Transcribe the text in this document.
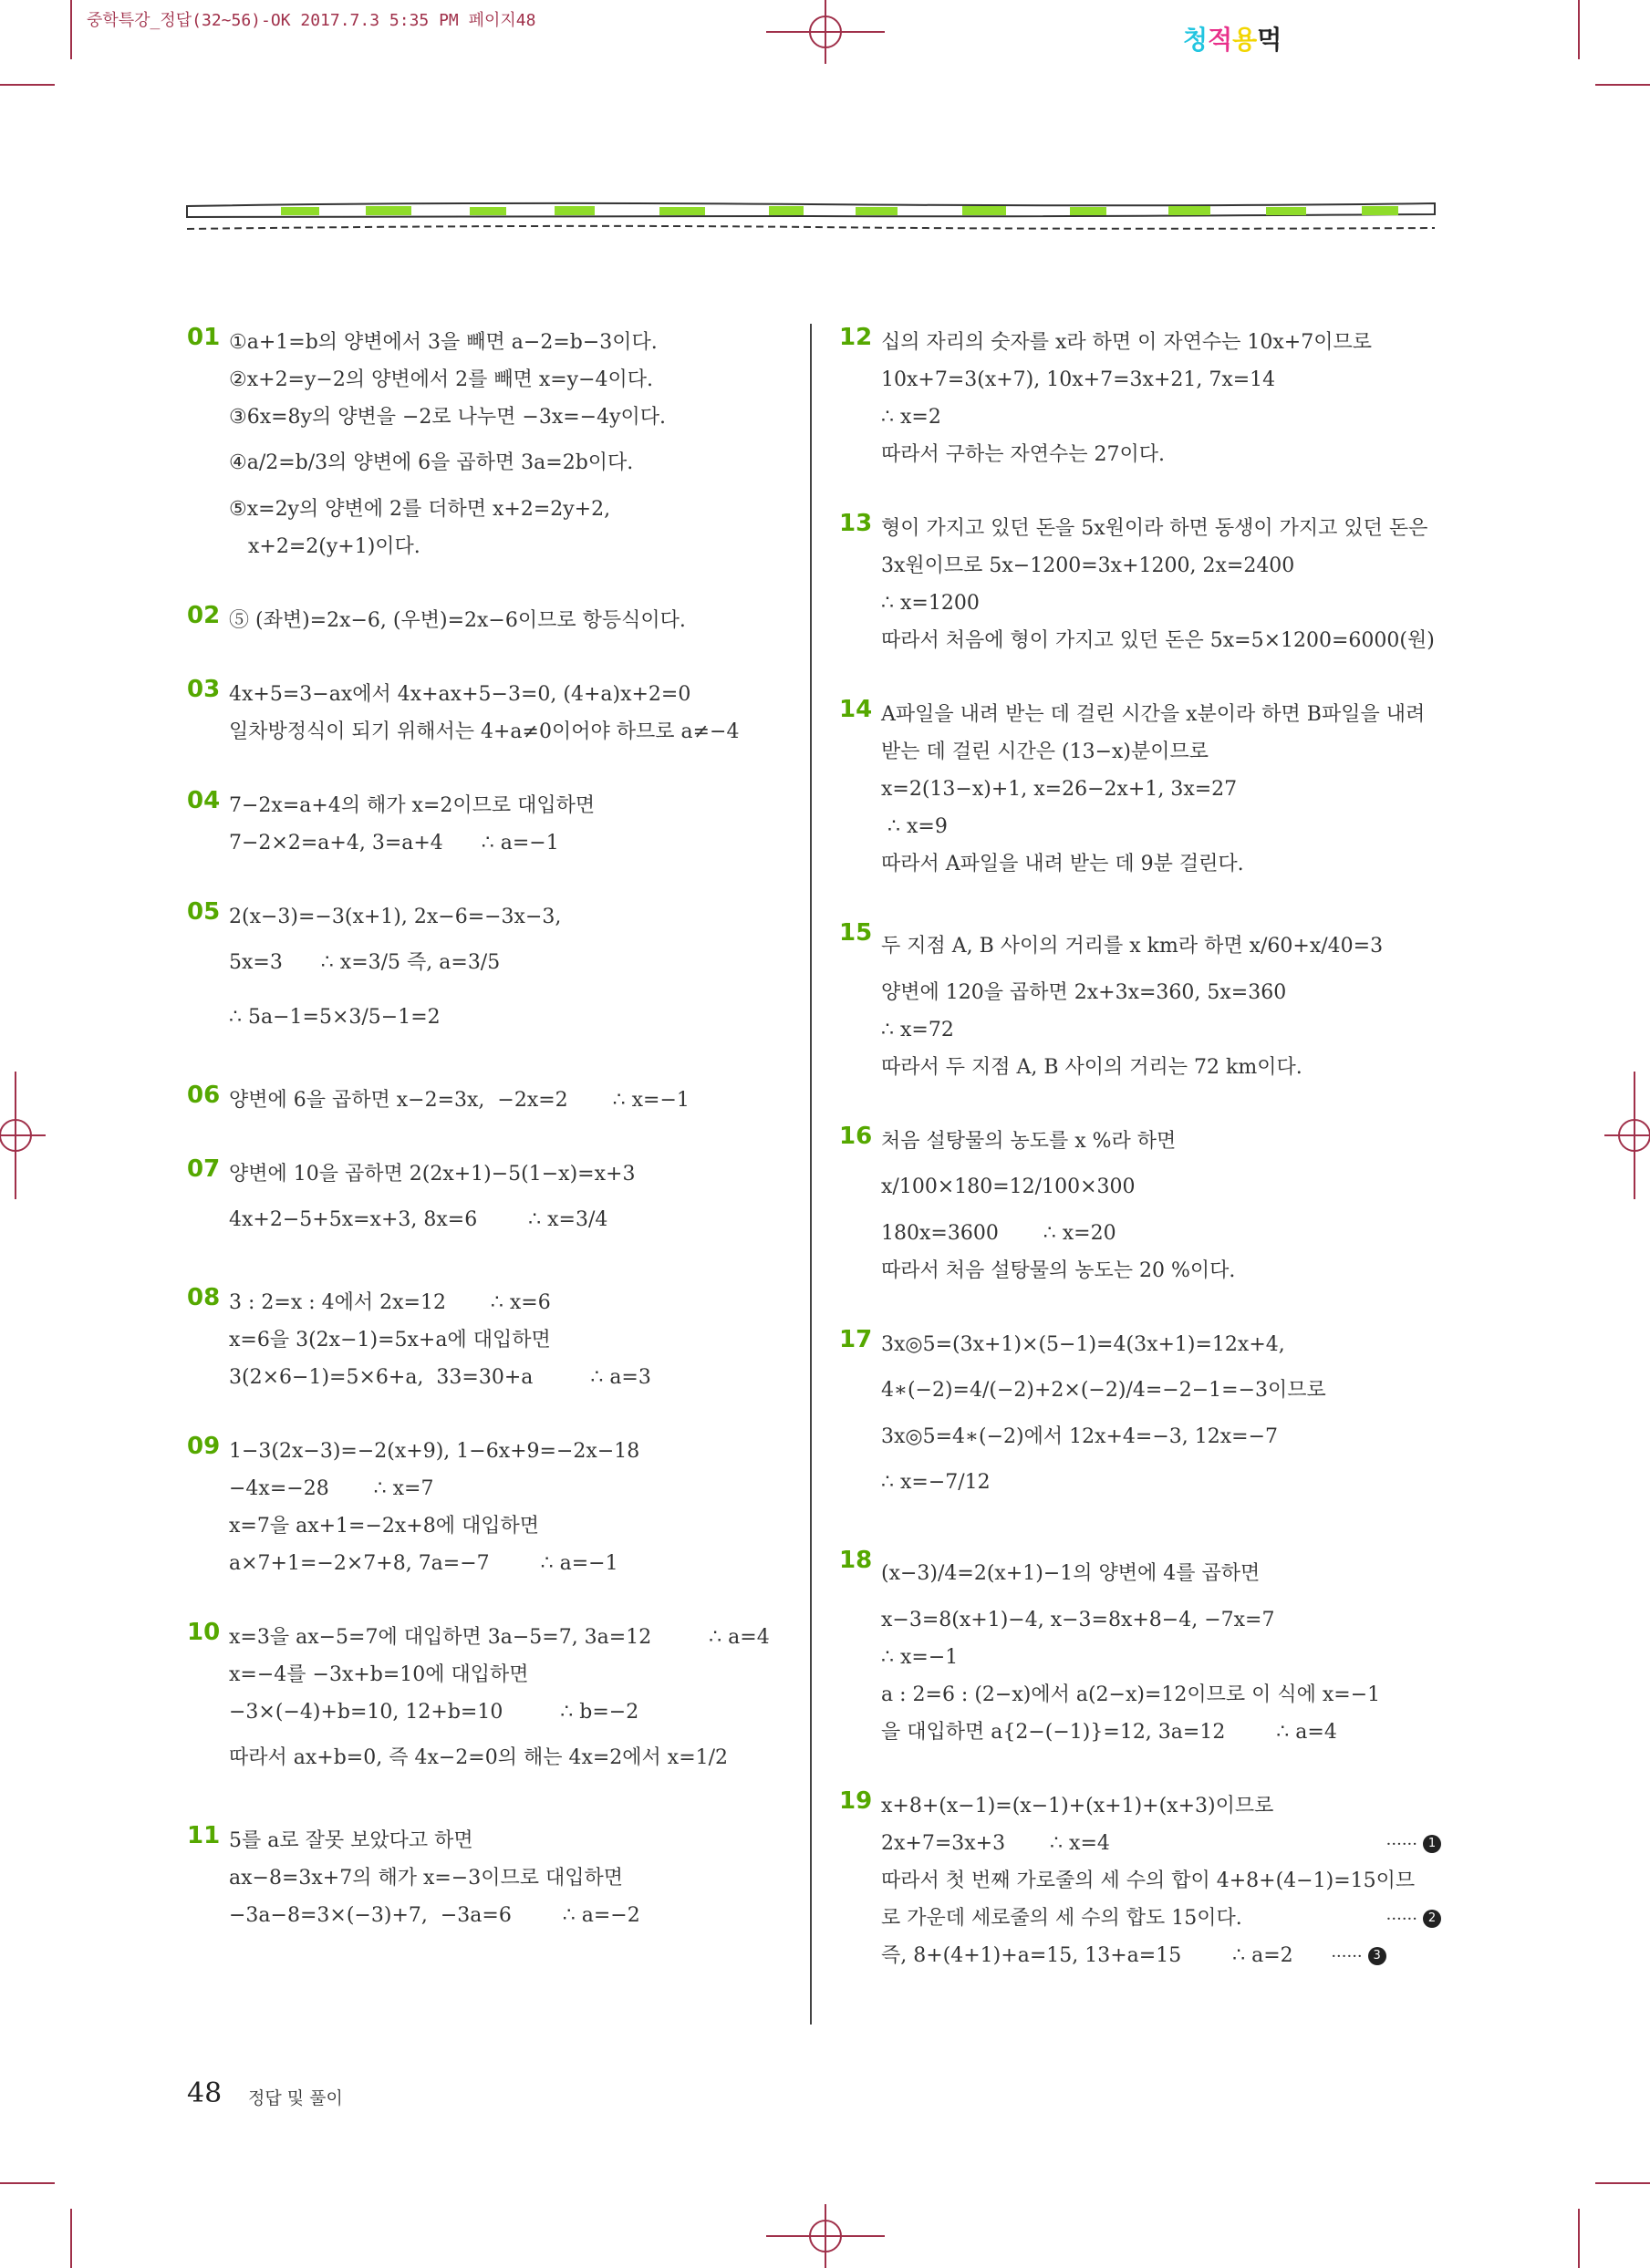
중학특강_정답(32~56)-OK 2017.7.3 5:35 PM 페이지48
청적용먹
01 ①a+1=b의 양변에서 3을 빼면 a−2=b−3이다.
②x+2=y−2의 양변에서 2를 빼면 x=y−4이다.
③6x=8y의 양변을 −2로 나누면 −3x=−4y이다.
④a/2=b/3의 양변에 6을 곱하면 3a=2b이다.
⑤x=2y의 양변에 2를 더하면 x+2=2y+2,
x+2=2(y+1)이다.
02 ⑤ (좌변)=2x−6, (우변)=2x−6이므로 항등식이다.
03 4x+5=3−ax에서 4x+ax+5−3=0, (4+a)x+2=0
일차방정식이 되기 위해서는 4+a≠0이어야 하므로 a≠−4
04 7−2x=a+4의 해가 x=2이므로 대입하면
7−2×2=a+4, 3=a+4      ∴ a=−1
05 2(x−3)=−3(x+1), 2x−6=−3x−3,
5x=3      ∴ x=3/5 즉, a=3/5
∴ 5a−1=5×3/5−1=2
06 양변에 6을 곱하면 x−2=3x,  −2x=2       ∴ x=−1
07 양변에 10을 곱하면 2(2x+1)−5(1−x)=x+3
4x+2−5+5x=x+3, 8x=6        ∴ x=3/4
08 3 : 2=x : 4에서 2x=12       ∴ x=6
x=6을 3(2x−1)=5x+a에 대입하면
3(2×6−1)=5×6+a,  33=30+a         ∴ a=3
09 1−3(2x−3)=−2(x+9), 1−6x+9=−2x−18
−4x=−28       ∴ x=7
x=7을 ax+1=−2x+8에 대입하면
a×7+1=−2×7+8, 7a=−7        ∴ a=−1
10 x=3을 ax−5=7에 대입하면 3a−5=7, 3a=12         ∴ a=4
x=−4를 −3x+b=10에 대입하면
−3×(−4)+b=10, 12+b=10         ∴ b=−2
따라서 ax+b=0, 즉 4x−2=0의 해는 4x=2에서 x=1/2
11 5를 a로 잘못 보았다고 하면
ax−8=3x+7의 해가 x=−3이므로 대입하면
−3a−8=3×(−3)+7,  −3a=6        ∴ a=−2
12 십의 자리의 숫자를 x라 하면 이 자연수는 10x+7이므로
10x+7=3(x+7), 10x+7=3x+21, 7x=14
∴ x=2
따라서 구하는 자연수는 27이다.
13 형이 가지고 있던 돈을 5x원이라 하면 동생이 가지고 있던 돈은
3x원이므로 5x−1200=3x+1200, 2x=2400
∴ x=1200
따라서 처음에 형이 가지고 있던 돈은 5x=5×1200=6000(원)
14 A파일을 내려 받는 데 걸린 시간을 x분이라 하면 B파일을 내려
받는 데 걸린 시간은 (13−x)분이므로
x=2(13−x)+1, x=26−2x+1, 3x=27
∴ x=9
따라서 A파일을 내려 받는 데 9분 걸린다.
15 두 지점 A, B 사이의 거리를 x km라 하면 x/60+x/40=3
양변에 120을 곱하면 2x+3x=360, 5x=360
∴ x=72
따라서 두 지점 A, B 사이의 거리는 72 km이다.
16 처음 설탕물의 농도를 x %라 하면
x/100×180=12/100×300
180x=3600       ∴ x=20
따라서 처음 설탕물의 농도는 20 %이다.
17 3x◎5=(3x+1)×(5−1)=4(3x+1)=12x+4,
4∗(−2)=4/(−2)+2×(−2)/4=−2−1=−3이므로
3x◎5=4∗(−2)에서 12x+4=−3, 12x=−7
∴ x=−7/12
18 (x−3)/4=2(x+1)−1의 양변에 4를 곱하면
x−3=8(x+1)−4, x−3=8x+8−4, −7x=7
∴ x=−1
a : 2=6 : (2−x)에서 a(2−x)=12이므로 이 식에 x=−1
을 대입하면 a{2−(−1)}=12, 3a=12        ∴ a=4
19 x+8+(x−1)=(x−1)+(x+1)+(x+3)이므로
2x+7=3x+3       ∴ x=4	······ 1
따라서 첫 번째 가로줄의 세 수의 합이 4+8+(4−1)=15이므
로 가운데 세로줄의 세 수의 합도 15이다.	······ 2
즉, 8+(4+1)+a=15, 13+a=15        ∴ a=2 ······ 3
48 정답 및 풀이
